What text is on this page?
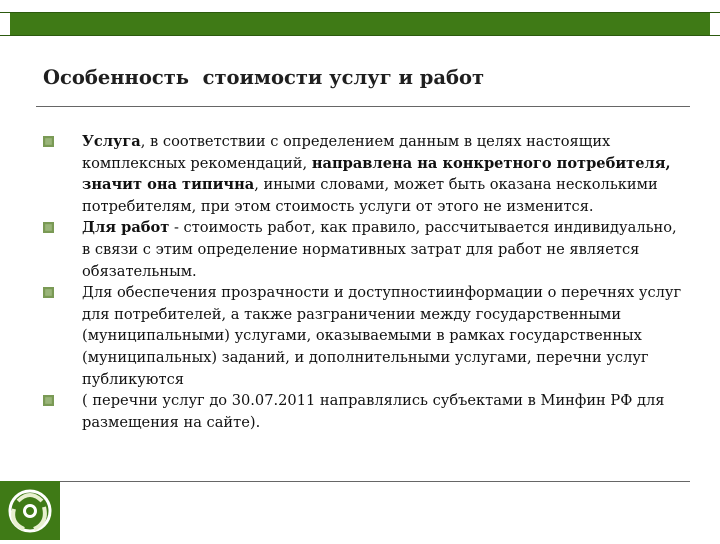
Особенность  стоимости услуг и работ
Услуга, в соответствии с определением данным в целях настоящих комплексных рекомендаций, направлена на конкретного потребителя, значит она типична, иными словами, может быть оказана несколькими потребителям, при этом стоимость услуги от этого не изменится.
Для работ - стоимость работ, как правило, рассчитывается индивидуально, в связи с этим определение нормативных затрат для работ не является обязательным.
Для обеспечения прозрачности и доступностиинформации о перечнях услуг для потребителей, а также разграничении между государственными (муниципальными) услугами, оказываемыми в рамках государственных (муниципальных) заданий, и дополнительными услугами, перечни услуг публикуются
( перечни услуг до 30.07.2011 направлялись субъектами в Минфин РФ для размещения на сайте).
